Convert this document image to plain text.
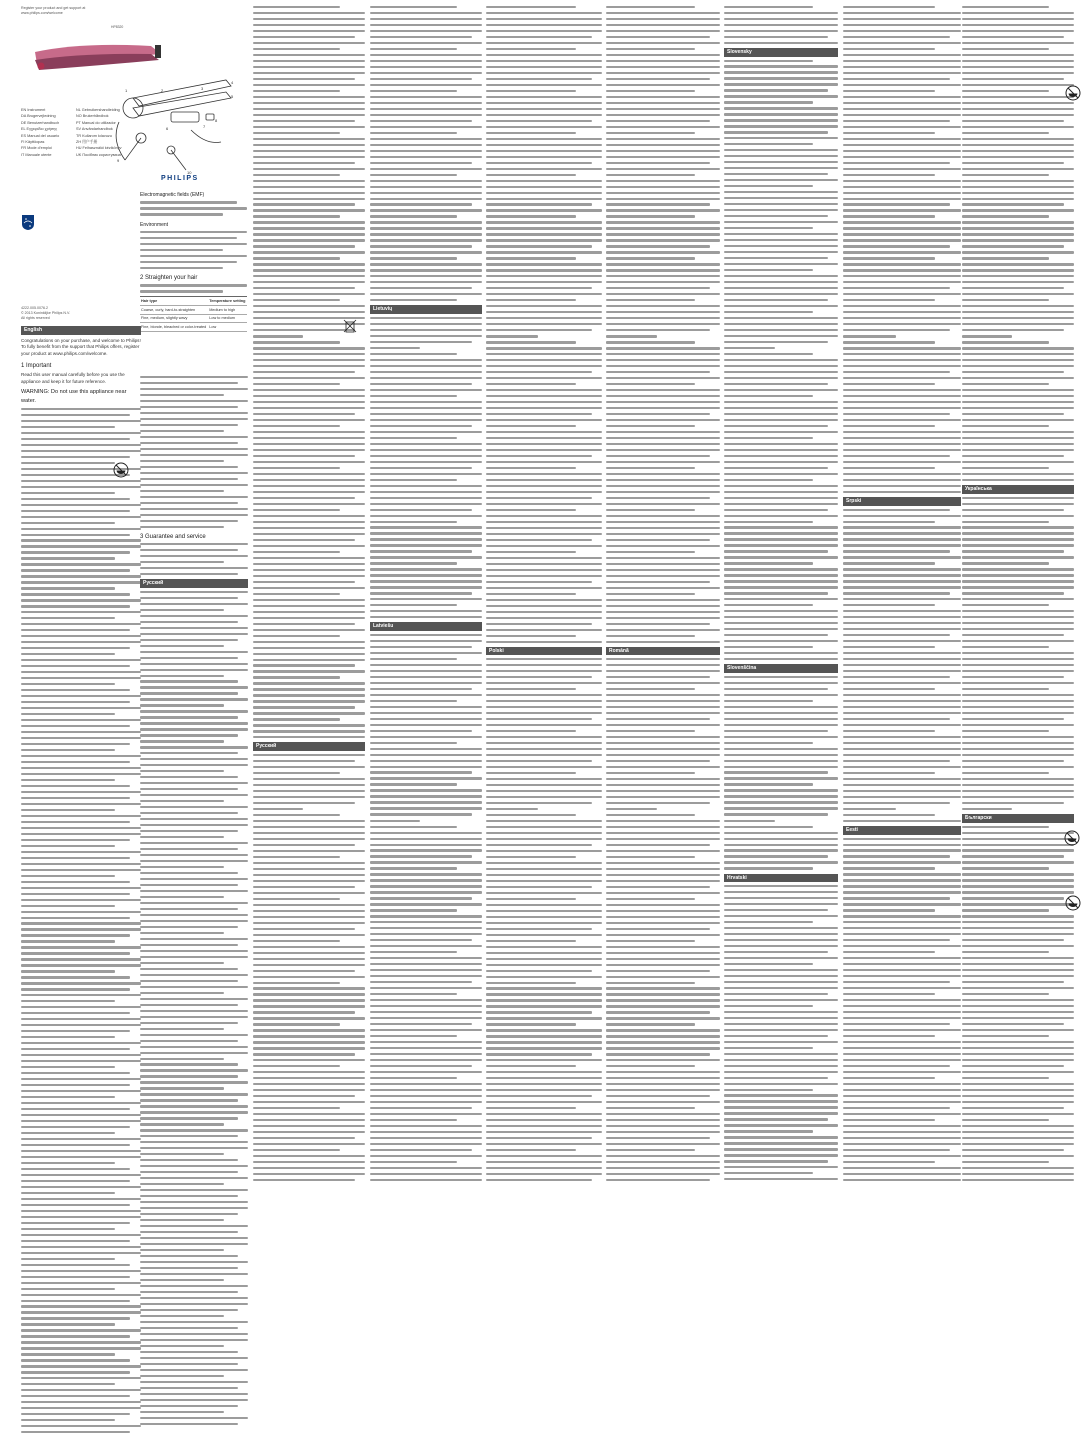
Register your product and get support at
www.philips.com/welcome
HP8320
1	2	3
4
5
6	7
8
9
10
EN Instrument
DA Brugervejledning
DE Benutzerhandbuch
EL Εγχειρίδιο χρήσης
ES Manual del usuario
FI Käyttöopas
FR Mode d’emploi
IT Manuale utente
NL Gebruikershandleiding
NO Brukerhåndbok
PT Manual do utilizador
SV Användarhandbok
TR Kullanım kılavuzu
ZH 用户手册
HU Felhasználói kézikönyv
UK Посібник користувача
PHILIPS
Electromagnetic fields (EMF)
Environment
2 Straighten your hair
Hair type	Temperature setting
Coarse, curly, hard-to-straighten	Medium to high
Fine, medium, slightly wavy	Low to medium
Fine, blonde, bleached or color-treated	Low
4222.005.0076.2
© 2013 Koninklijke Philips N.V.
All rights reserved
English

Congratulations on your purchase, and welcome to Philips! To fully benefit from the support that Philips offers, register your product at www.philips.com/welcome.

1 Important

Read this user manual carefully before you use the appliance and keep it for future reference.

WARNING: Do not use this appliance near water.

3 Guarantee and service
Русский
Русский
Lietuvių
Latviešu
Polski	Română
Slovensky
Slovenščina
Hrvatski
Srpski
Eesti
Українська
Български
